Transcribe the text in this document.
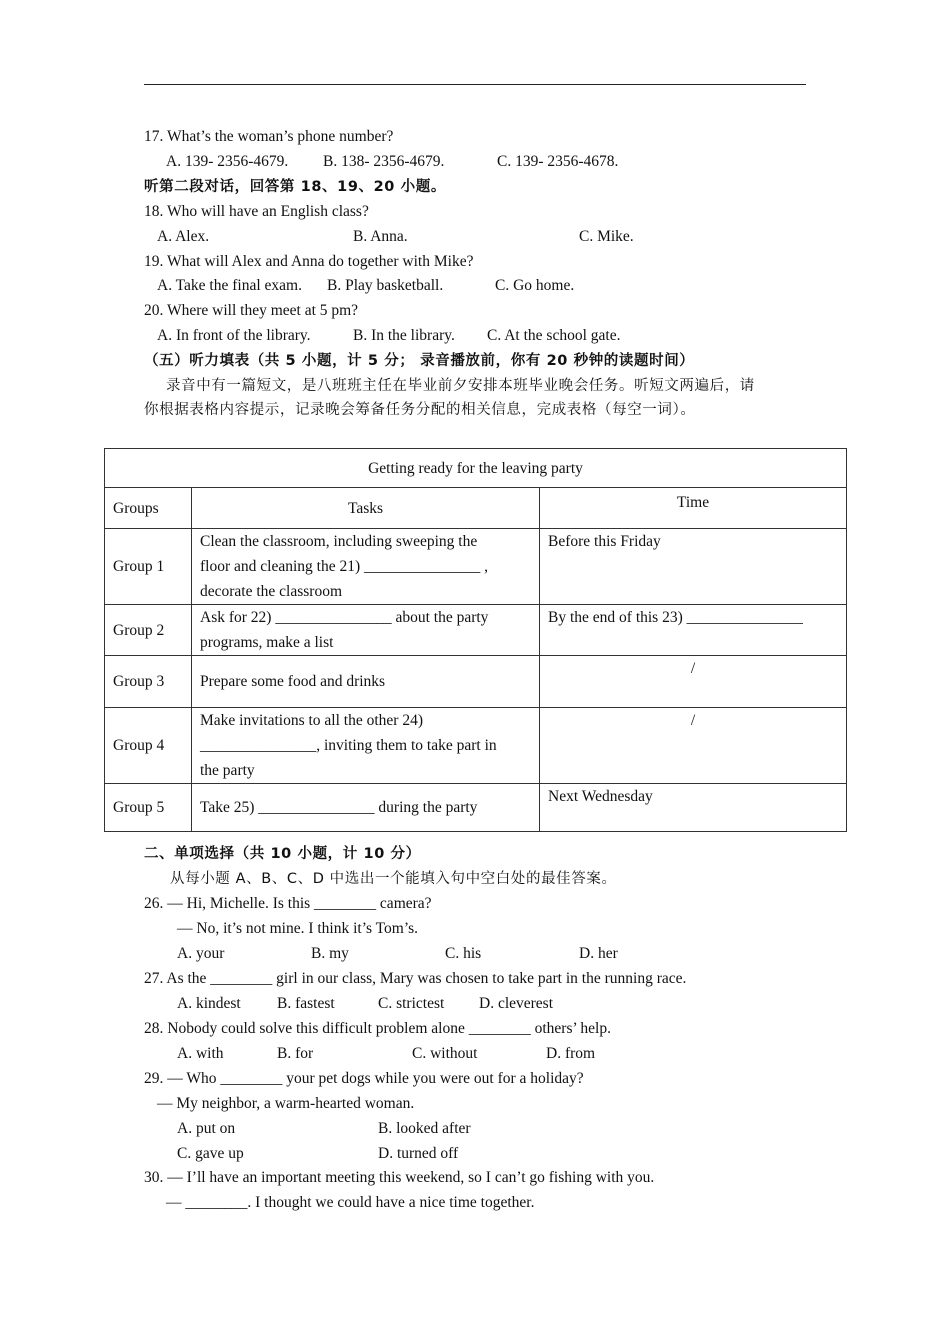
17. What’s the woman’s phone number?
A. 139- 2356-4679. B. 138- 2356-4679.	C. 139- 2356-4678.
听第二段对话，回答第 18、19、20 小题。
18. Who will have an English class?
A. Alex.	B. Anna.	C. Mike.
19. What will Alex and Anna do together with Mike?
A. Take the final exam. B. Play basketball.	C. Go home.
20. Where will they meet at 5 pm?
A. In front of the library.	B. In the library. C. At the school gate.
（五）听力填表（共 5 小题，计 5 分； 录音播放前，你有 20 秒钟的读题时间）
录音中有一篇短文，是八班班主任在毕业前夕安排本班毕业晚会任务。听短文两遍后，请
你根据表格内容提示，记录晚会筹备任务分配的相关信息，完成表格（每空一词）。
Getting ready for the leaving party		
Groups	Tasks	Time
Group 1	Clean the classroom, including sweeping the
floor and cleaning the 21) _______________ ,
decorate the classroom	Before this Friday
Group 2	Ask for 22) _______________ about the party
programs, make a list	By the end of this 23) _______________
Group 3	Prepare some food and drinks	/
Group 4	Make invitations to all the other 24)
_______________, inviting them to take part in
the party	/
Group 5	Take 25) _______________ during the party	Next Wednesday
二、单项选择（共 10 小题，计 10 分）
从每小题 A、B、C、D 中选出一个能填入句中空白处的最佳答案。
26. — Hi, Michelle. Is this ________ camera?
— No, it’s not mine. I think it’s Tom’s.
A. your	B. my	C. his	D. her
27. As the ________ girl in our class, Mary was chosen to take part in the running race.
A. kindest B. fastest	C. strictest D. cleverest
28. Nobody could solve this difficult problem alone ________ others’ help.
A. with	B. for	C. without	D. from
29. — Who ________ your pet dogs while you were out for a holiday?
— My neighbor, a warm-hearted woman.
A. put on	B. looked after
C. gave up	D. turned off
30. — I’ll have an important meeting this weekend, so I can’t go fishing with you.
— ________. I thought we could have a nice time together.
